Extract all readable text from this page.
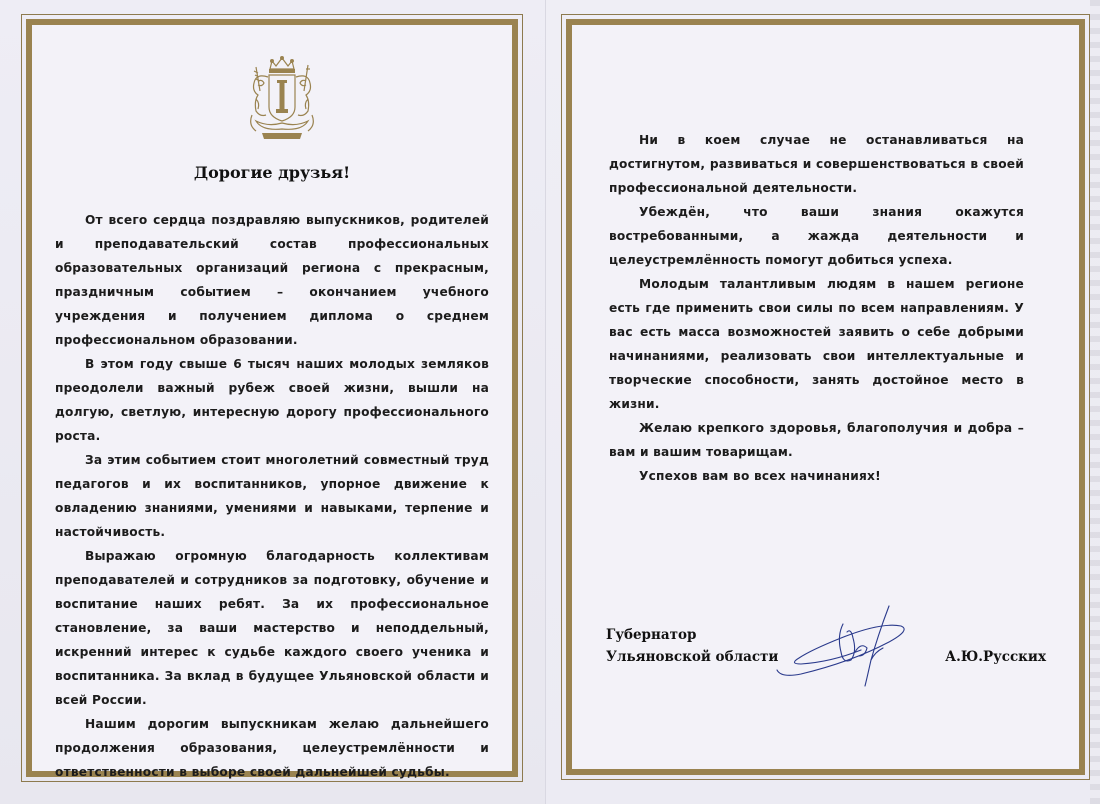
Дорогие друзья!

От всего сердца поздравляю выпускников, родителей и преподавательский состав профессиональных образовательных организаций региона с прекрасным, праздничным событием – окончанием учебного учреждения и получением диплома о среднем профессиональном образовании.

В этом году свыше 6 тысяч наших молодых земляков преодолели важный рубеж своей жизни, вышли на долгую, светлую, интересную дорогу профессионального роста.

За этим событием стоит многолетний совместный труд педагогов и их воспитанников, упорное движение к овладению знаниями, умениями и навыками, терпение и настойчивость.

Выражаю огромную благодарность коллективам преподавателей и сотрудников за подготовку, обучение и воспитание наших ребят. За их профессиональное становление, за ваши мастерство и неподдельный, искренний интерес к судьбе каждого своего ученика и воспитанника. За вклад в будущее Ульяновской области и всей России.

Нашим дорогим выпускникам желаю дальнейшего продолжения образования, целеустремлённости и ответственности в выборе своей дальнейшей судьбы.

Ни в коем случае не останавливаться на достигнутом, развиваться и совершенствоваться в своей профессиональной деятельности.

Убеждён, что ваши знания окажутся востребованными, а жажда деятельности и целеустремлённость помогут добиться успеха.

Молодым талантливым людям в нашем регионе есть где применить свои силы по всем направлениям. У вас есть масса возможностей заявить о себе добрыми начинаниями, реализовать свои интеллектуальные и творческие способности, занять достойное место в жизни.

Желаю крепкого здоровья, благополучия и добра – вам и вашим товарищам.

Успехов вам во всех начинаниях!

Губернатор
Ульяновской области	А.Ю.Русских
